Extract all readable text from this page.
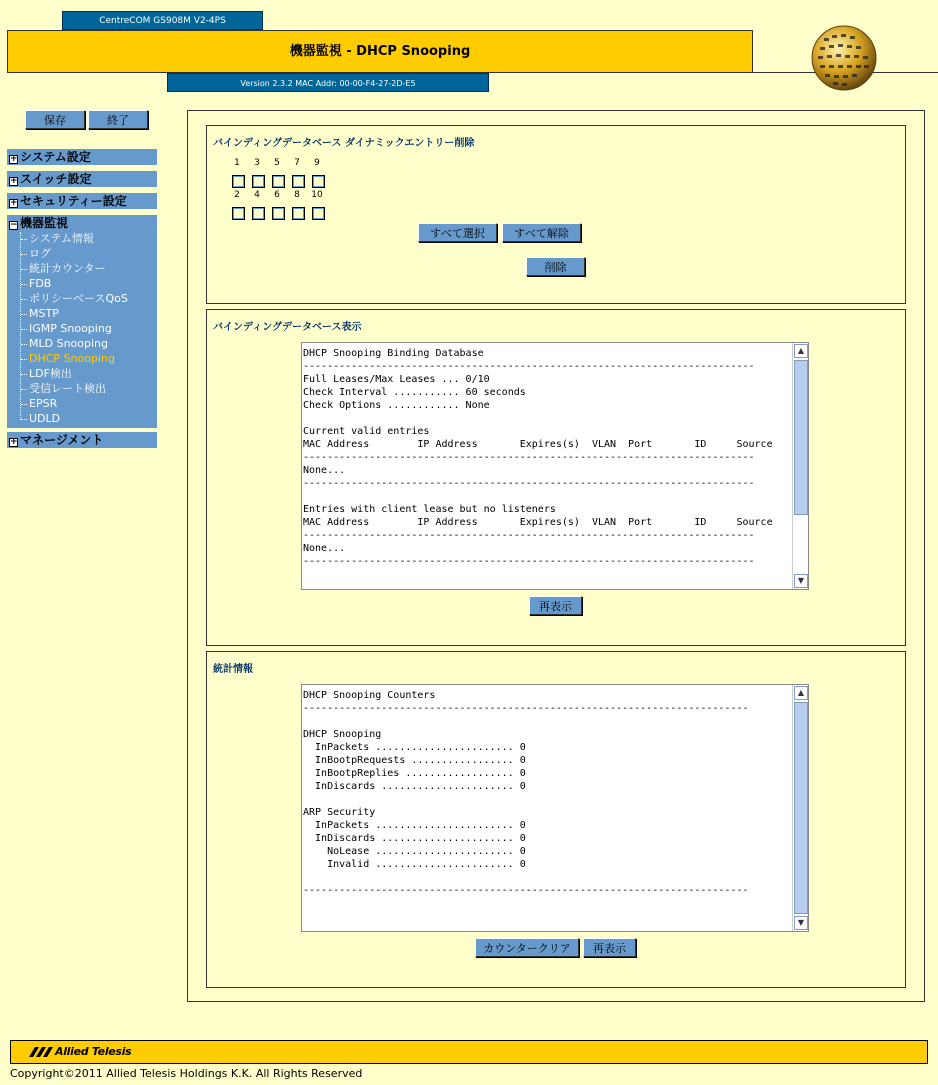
CentreCOM GS908M V2-4PS
機器監視 - DHCP Snooping
Version 2.3.2 MAC Addr: 00-00-F4-27-2D-E5
保存	終了
+ システム設定
+ スイッチ設定
+ セキュリティー設定
− 機器監視
システム情報
ログ
統計カウンター
FDB
ポリシーベースQoS
MSTP
IGMP Snooping
MLD Snooping
DHCP Snooping
LDF検出
受信レート検出
EPSR
UDLD
+ マネージメント
バインディングデータベース ダイナミックエントリー削除
1	3	5	7	9
2	4	6	8	10
すべて選択	すべて解除
削除
バインディングデータベース表示
DHCP Snooping Binding Database
---------------------------------------------------------------------------
Full Leases/Max Leases ... 0/10
Check Interval ........... 60 seconds
Check Options ............ None

Current valid entries
MAC Address        IP Address       Expires(s)  VLAN  Port       ID     Source
---------------------------------------------------------------------------
None...
---------------------------------------------------------------------------

Entries with client lease but no listeners
MAC Address        IP Address       Expires(s)  VLAN  Port       ID     Source
---------------------------------------------------------------------------
None...
---------------------------------------------------------------------------
▲
▼
再表示
統計情報
DHCP Snooping Counters
--------------------------------------------------------------------------

DHCP Snooping
InPackets ....................... 0
InBootpRequests ................. 0
InBootpReplies .................. 0
InDiscards ...................... 0

ARP Security
InPackets ....................... 0
InDiscards ...................... 0
NoLease ....................... 0
Invalid ....................... 0

--------------------------------------------------------------------------
▲
▼
カウンタークリア	再表示
Allied Telesis
Copyright©2011 Allied Telesis Holdings K.K. All Rights Reserved
